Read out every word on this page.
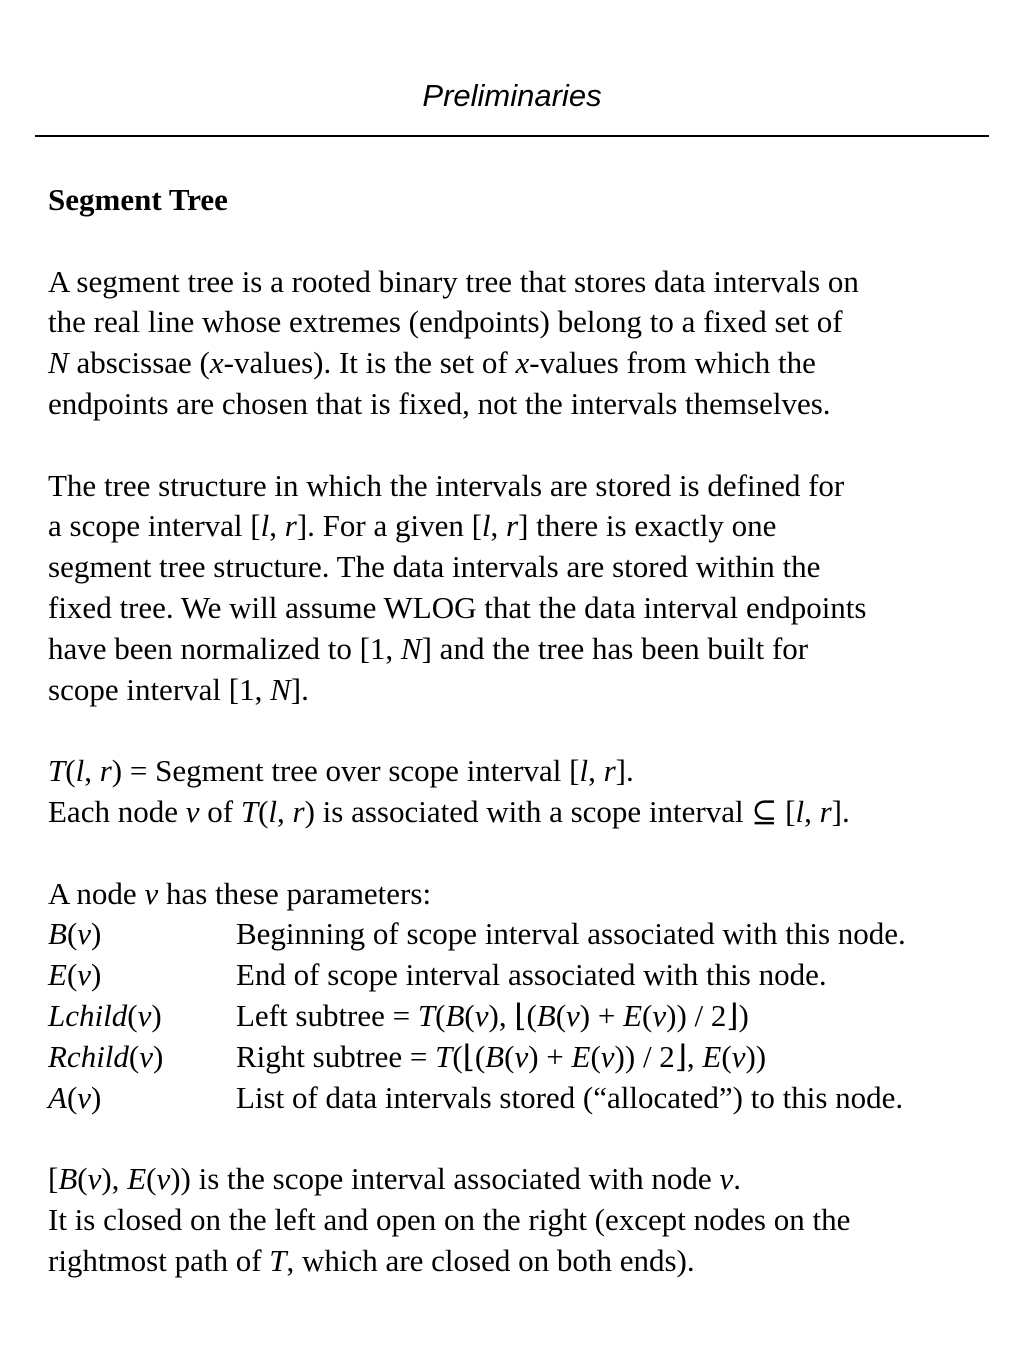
Preliminaries
Segment Tree
A segment tree is a rooted binary tree that stores data intervals on
the real line whose extremes (endpoints) belong to a fixed set of
N abscissae (x-values). It is the set of x-values from which the
endpoints are chosen that is fixed, not the intervals themselves.
The tree structure in which the intervals are stored is defined for
a scope interval [l, r]. For a given [l, r] there is exactly one
segment tree structure. The data intervals are stored within the
fixed tree. We will assume WLOG that the data interval endpoints
have been normalized to [1, N] and the tree has been built for
scope interval [1, N].
T(l, r) = Segment tree over scope interval [l, r].
Each node v of T(l, r) is associated with a scope interval ⊆ [l, r].
A node v has these parameters:
B(v)	Beginning of scope interval associated with this node.
E(v)	End of scope interval associated with this node.
Lchild(v)	Left subtree = T(B(v), ⌊(B(v) + E(v)) / 2⌋)
Rchild(v)	Right subtree = T(⌊(B(v) + E(v)) / 2⌋, E(v))
A(v)	List of data intervals stored (“allocated”) to this node.
[B(v), E(v)) is the scope interval associated with node v.
It is closed on the left and open on the right (except nodes on the
rightmost path of T, which are closed on both ends).
